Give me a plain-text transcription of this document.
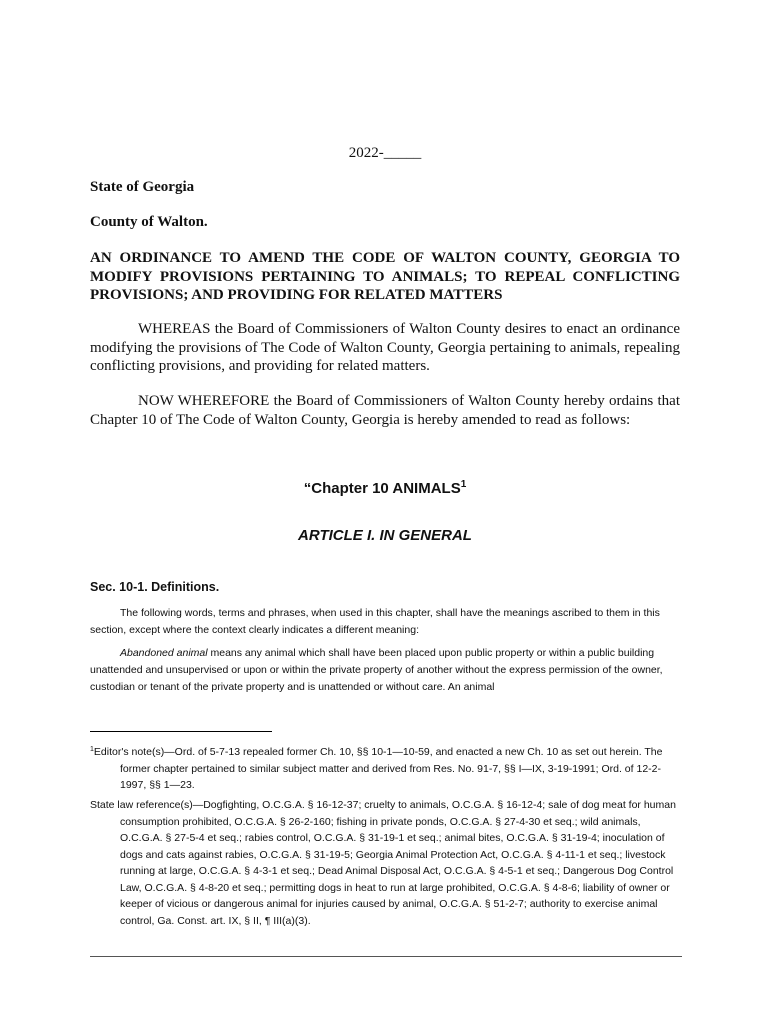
2022-_____
State of Georgia
County of Walton.
AN ORDINANCE TO AMEND THE CODE OF WALTON COUNTY, GEORGIA TO MODIFY PROVISIONS PERTAINING TO ANIMALS; TO REPEAL CONFLICTING PROVISIONS; AND PROVIDING FOR RELATED MATTERS
WHEREAS the Board of Commissioners of Walton County desires to enact an ordinance modifying the provisions of The Code of Walton County, Georgia pertaining to animals, repealing conflicting provisions, and providing for related matters.
NOW WHEREFORE the Board of Commissioners of Walton County hereby ordains that Chapter 10 of The Code of Walton County, Georgia is hereby amended to read as follows:
“Chapter 10 ANIMALS$^1$
ARTICLE I. IN GENERAL
Sec. 10-1. Definitions.
The following words, terms and phrases, when used in this chapter, shall have the meanings ascribed to them in this section, except where the context clearly indicates a different meaning:
Abandoned animal means any animal which shall have been placed upon public property or within a public building unattended and unsupervised or upon or within the private property of another without the express permission of the owner, custodian or tenant of the private property and is unattended or without care. An animal
$^1$Editor's note(s)—Ord. of 5-7-13 repealed former Ch. 10, §§ 10-1—10-59, and enacted a new Ch. 10 as set out herein. The former chapter pertained to similar subject matter and derived from Res. No. 91-7, §§ I—IX, 3-19-1991; Ord. of 12-2-1997, §§ 1—23.
State law reference(s)—Dogfighting, O.C.G.A. § 16-12-37; cruelty to animals, O.C.G.A. § 16-12-4; sale of dog meat for human consumption prohibited, O.C.G.A. § 26-2-160; fishing in private ponds, O.C.G.A. § 27-4-30 et seq.; wild animals, O.C.G.A. § 27-5-4 et seq.; rabies control, O.C.G.A. § 31-19-1 et seq.; animal bites, O.C.G.A. § 31-19-4; inoculation of dogs and cats against rabies, O.C.G.A. § 31-19-5; Georgia Animal Protection Act, O.C.G.A. § 4-11-1 et seq.; livestock running at large, O.C.G.A. § 4-3-1 et seq.; Dead Animal Disposal Act, O.C.G.A. § 4-5-1 et seq.; Dangerous Dog Control Law, O.C.G.A. § 4-8-20 et seq.; permitting dogs in heat to run at large prohibited, O.C.G.A. § 4-8-6; liability of owner or keeper of vicious or dangerous animal for injuries caused by animal, O.C.G.A. § 51-2-7; authority to exercise animal control, Ga. Const. art. IX, § II, ¶ III(a)(3).
